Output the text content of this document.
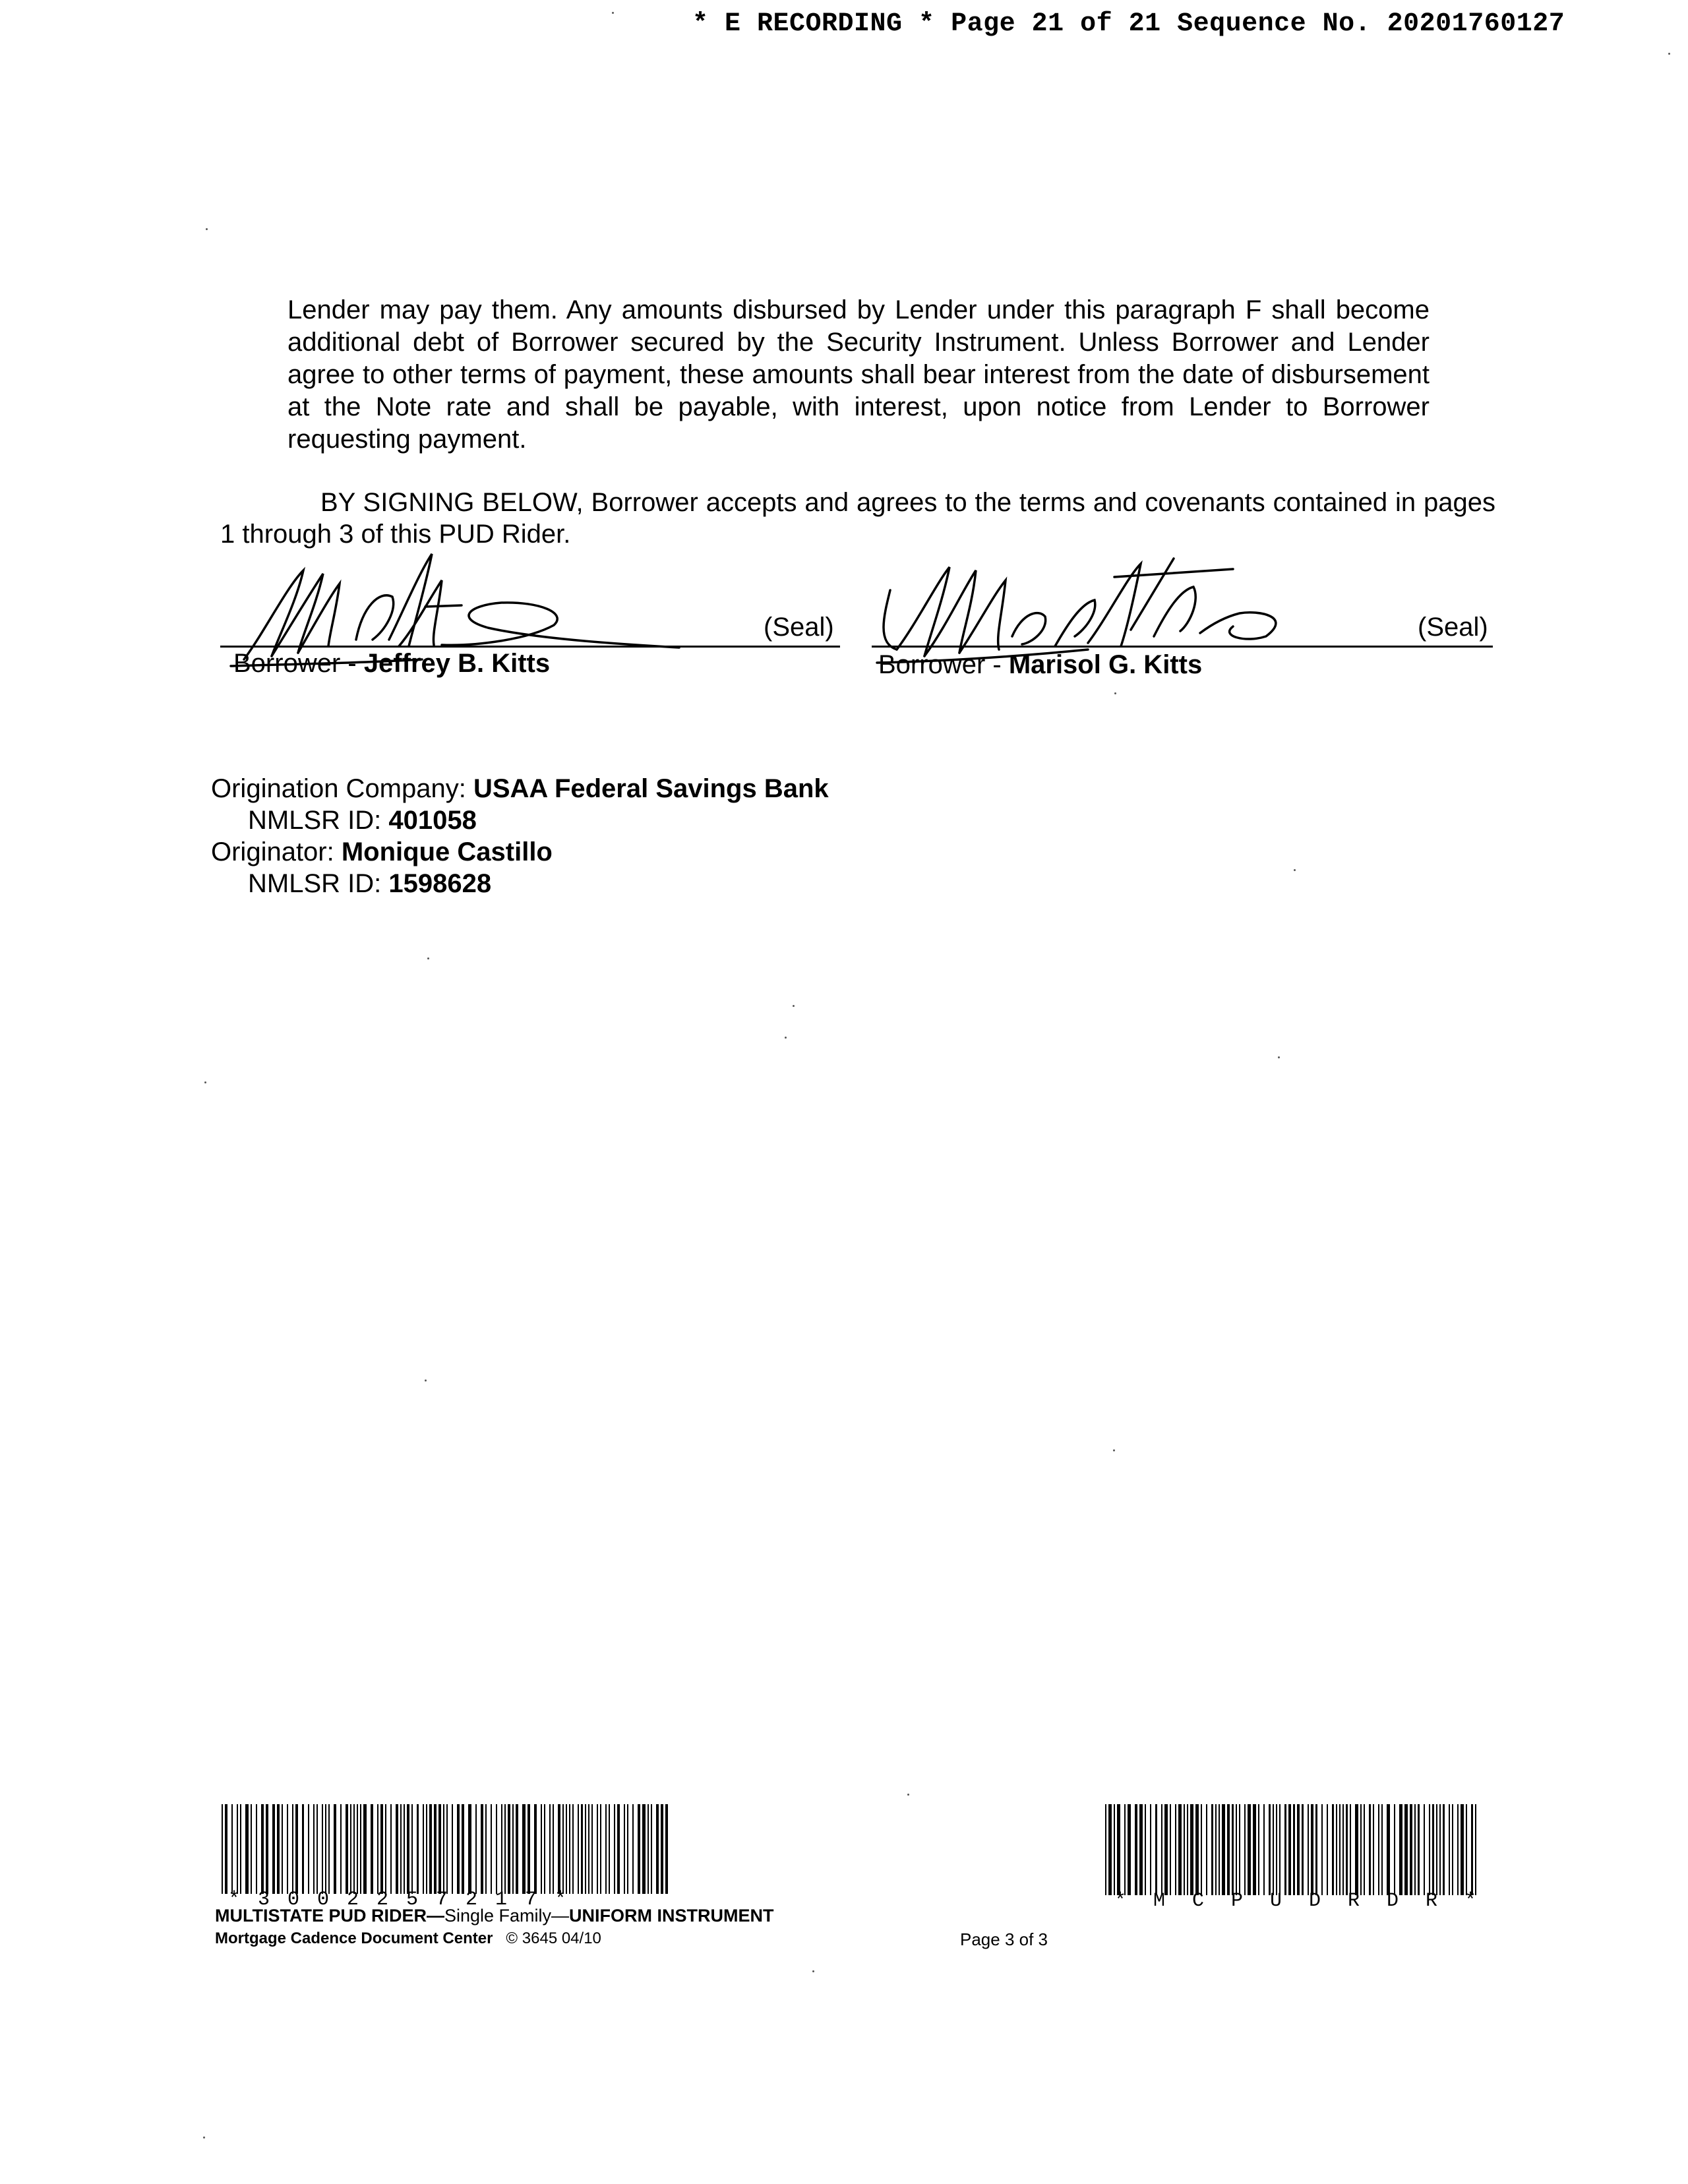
* E RECORDING * Page 21 of 21 Sequence No. 20201760127
Lender may pay them. Any amounts disbursed by Lender under this paragraph F shall become additional debt of Borrower secured by the Security Instrument. Unless Borrower and Lender agree to other terms of payment, these amounts shall bear interest from the date of disbursement at the Note rate and shall be payable, with interest, upon notice from Lender to Borrower requesting payment.
BY SIGNING BELOW, Borrower accepts and agrees to the terms and covenants contained in pages 1 through 3 of this PUD Rider.
(Seal)
Borrower - Jeffrey B. Kitts
(Seal)
Borrower - Marisol G. Kitts
Origination Company: USAA Federal Savings Bank
NMLSR ID: 401058
Originator: Monique Castillo
NMLSR ID: 1598628
*3002257217*	*MCPUDRDR*
MULTISTATE PUD RIDER—Single Family—UNIFORM INSTRUMENT
Mortgage Cadence Document Center © 3645 04/10	Page 3 of 3
